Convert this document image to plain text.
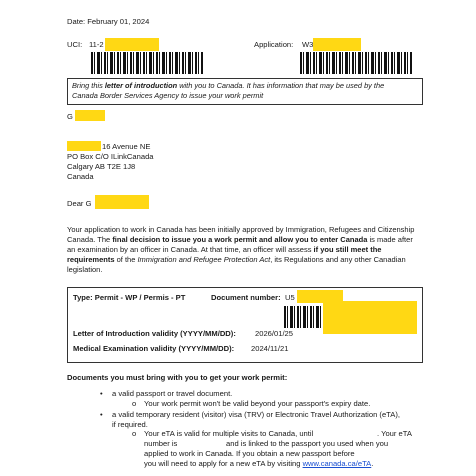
Date: February 01, 2024
UCI: 11-2	Application: W3

Bring this letter of introduction with you to Canada. It has information that may be used by the
Canada Border Services Agency to issue your work permit

G
16 Avenue NE
PO Box C/O ILinkCanada
Calgary AB T2E 1J8
Canada
Dear G

Your application to work in Canada has been initially approved by Immigration, Refugees and Citizenship Canada. The final decision to issue you a work permit and allow you to enter Canada is made after an examination by an officer in Canada. At that time, an officer will assess if you still meet the requirements of the Immigration and Refugee Protection Act, its Regulations and any other Canadian legislation.

Type: Permit - WP / Permis - PT	Document number: U5
Letter of Introduction validity (YYYY/MM/DD):	2026/01/25
Medical Examination validity (YYYY/MM/DD): 2024/11/21
Documents you must bring with you to get your work permit:
• a valid passport or travel document.
o Your work permit won't be valid beyond your passport's expiry date.
• a valid temporary resident (visitor) visa (TRV) or Electronic Travel Authorization (eTA),
if required.
o Your eTA is valid for multiple visits to Canada, until	. Your eTA
number is	and is linked to the passport you used when you
applied to work in Canada. If you obtain a new passport before
you will need to apply for a new eTA by visiting www.canada.ca/eTA.
